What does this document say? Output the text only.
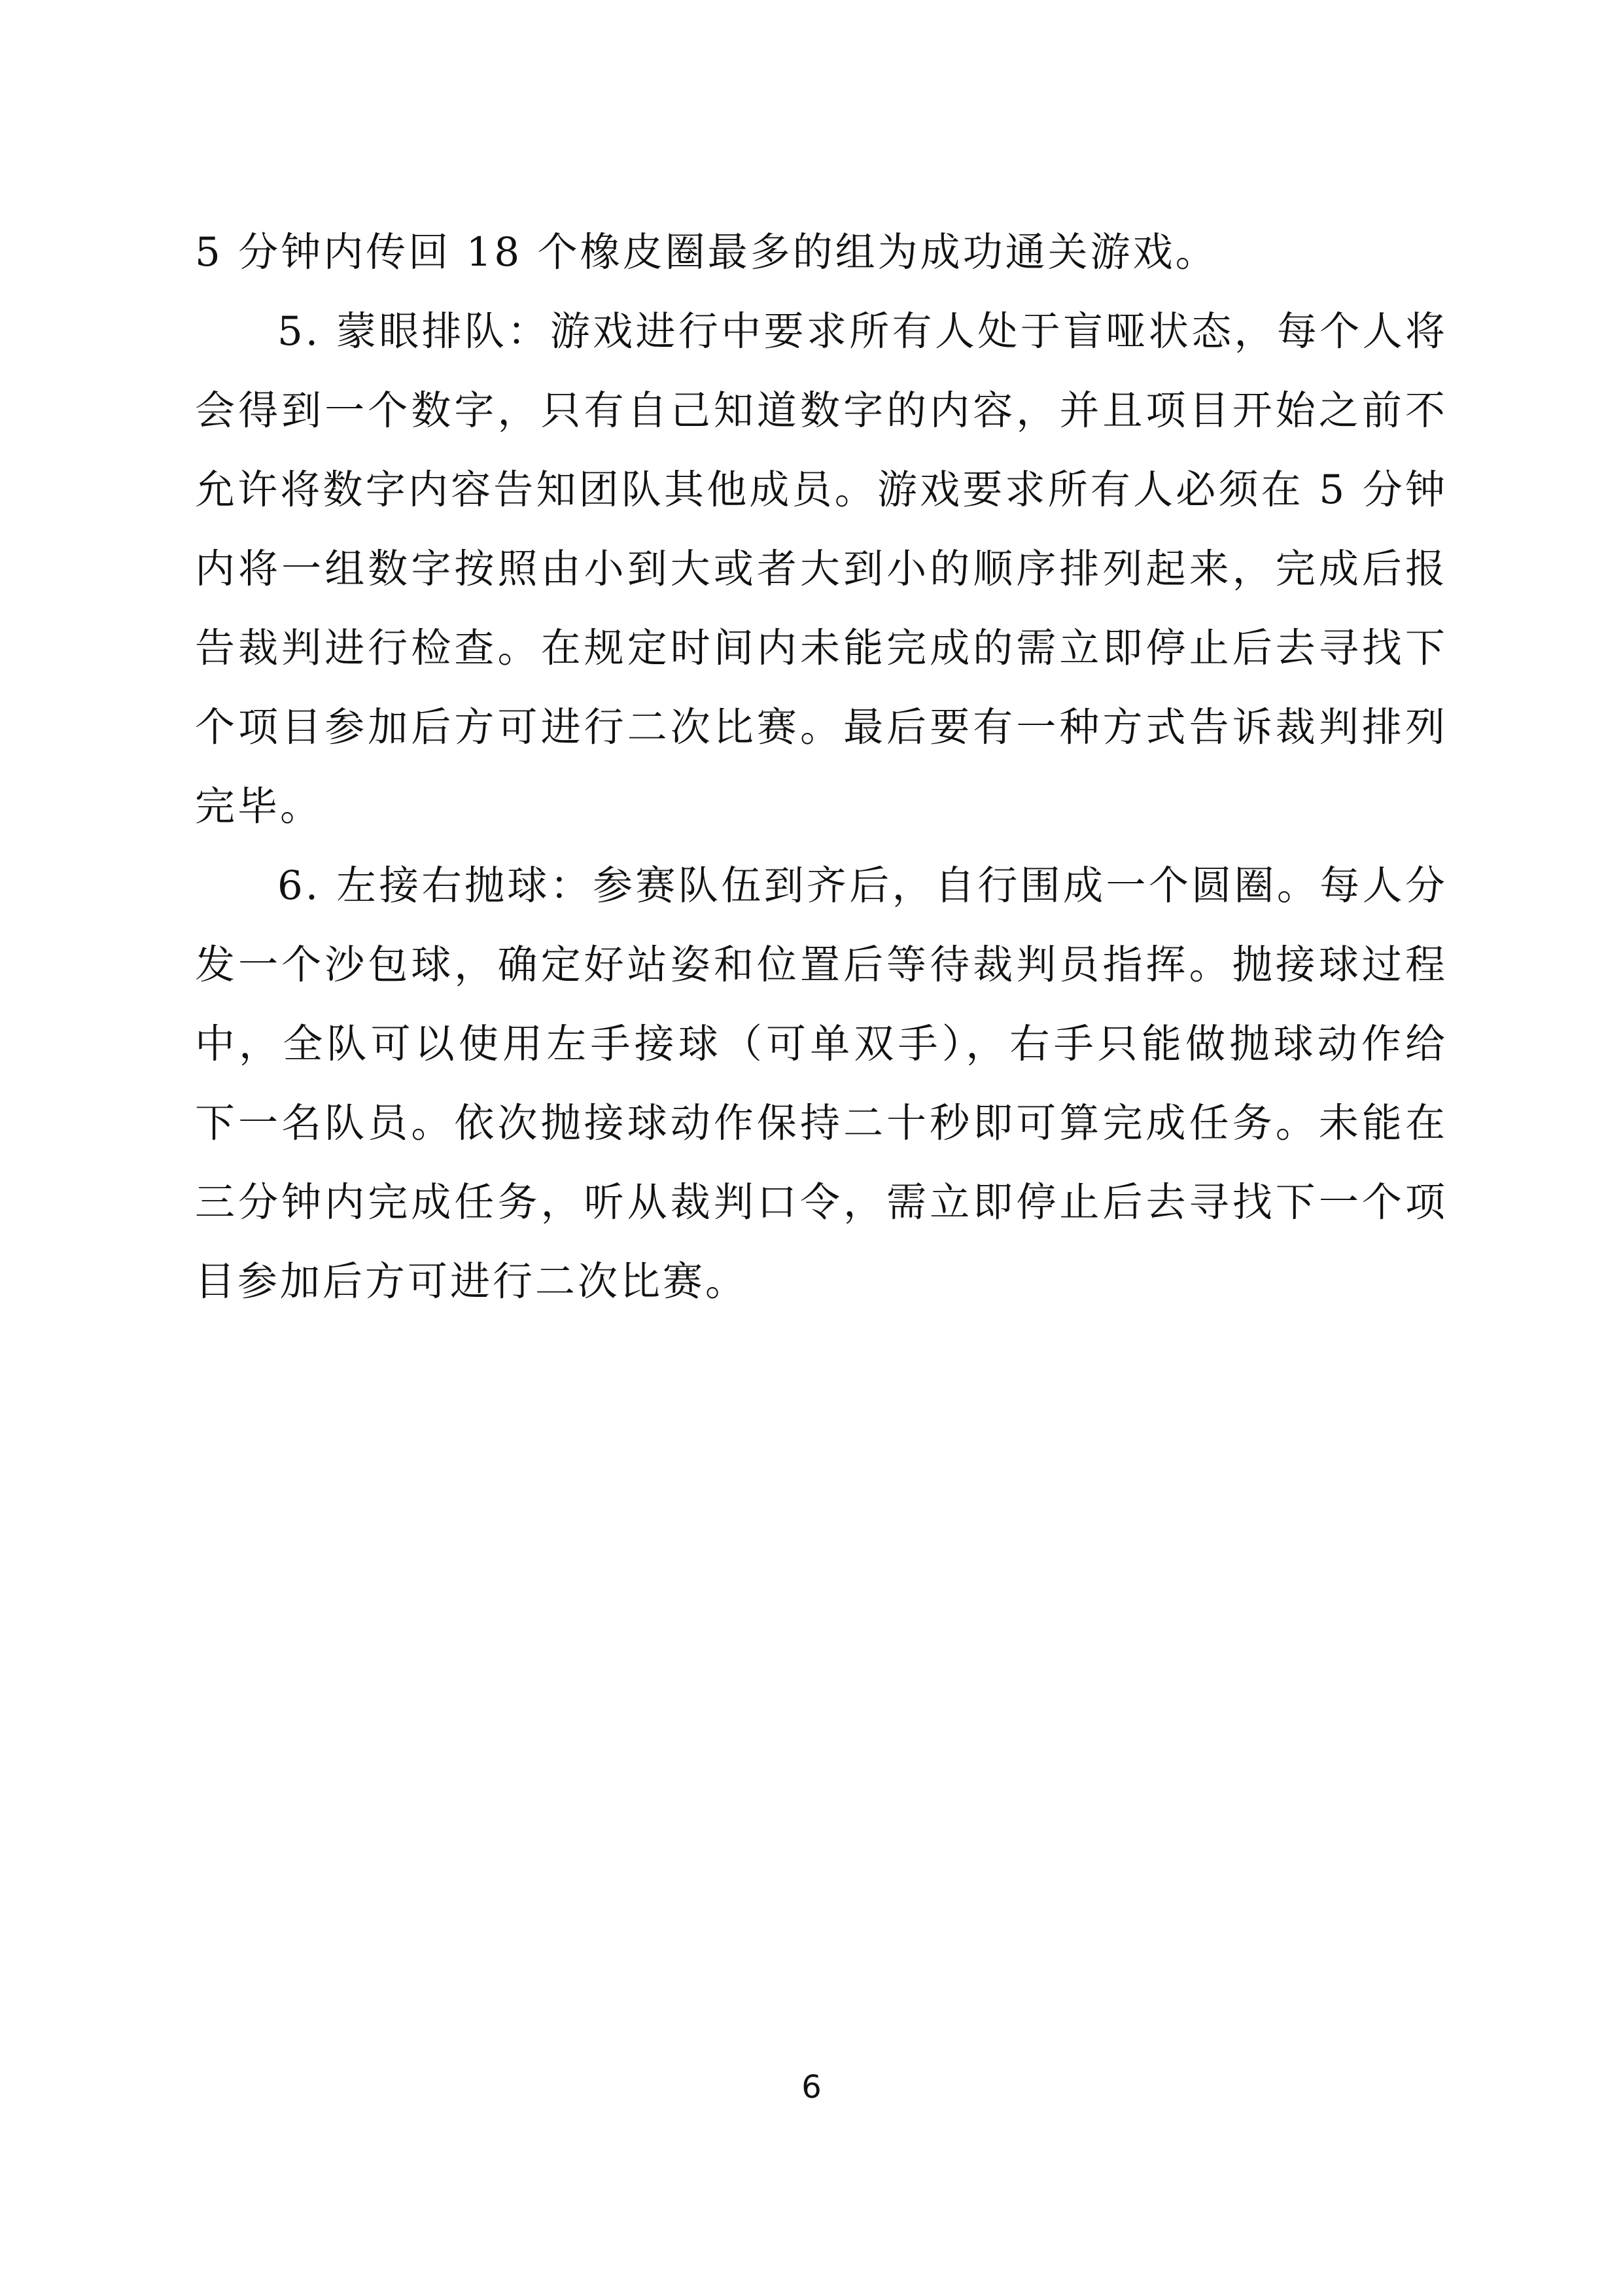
5 分钟内传回 18 个橡皮圈最多的组为成功通关游戏。

5. 蒙眼排队：游戏进行中要求所有人处于盲哑状态，每个人将会得到一个数字，只有自己知道数字的内容，并且项目开始之前不允许将数字内容告知团队其他成员。游戏要求所有人必须在 5 分钟内将一组数字按照由小到大或者大到小的顺序排列起来，完成后报告裁判进行检查。在规定时间内未能完成的需立即停止后去寻找下个项目参加后方可进行二次比赛。最后要有一种方式告诉裁判排列完毕。

6. 左接右抛球：参赛队伍到齐后，自行围成一个圆圈。每人分发一个沙包球，确定好站姿和位置后等待裁判员指挥。抛接球过程中，全队可以使用左手接球（可单双手），右手只能做抛球动作给下一名队员。依次抛接球动作保持二十秒即可算完成任务。未能在三分钟内完成任务，听从裁判口令，需立即停止后去寻找下一个项目参加后方可进行二次比赛。

6
